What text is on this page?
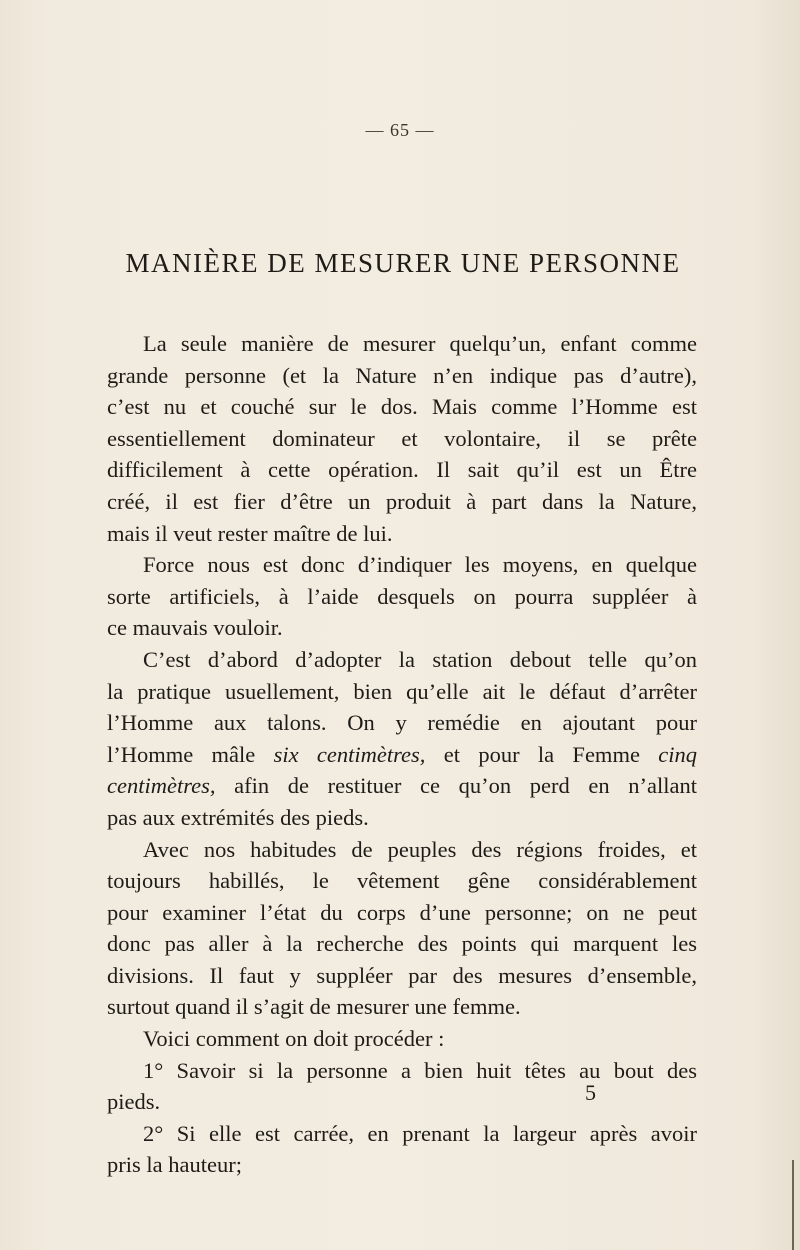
— 65 —
MANIÈRE DE MESURER UNE PERSONNE
La seule manière de mesurer quelqu’un, enfant comme
grande personne (et la Nature n’en indique pas d’autre),
c’est nu et couché sur le dos. Mais comme l’Homme est
essentiellement dominateur et volontaire, il se prête
difficilement à cette opération. Il sait qu’il est un Être
créé, il est fier d’être un produit à part dans la Nature,
mais il veut rester maître de lui.
Force nous est donc d’indiquer les moyens, en quelque
sorte artificiels, à l’aide desquels on pourra suppléer à
ce mauvais vouloir.
C’est d’abord d’adopter la station debout telle qu’on
la pratique usuellement, bien qu’elle ait le défaut d’arrêter
l’Homme aux talons. On y remédie en ajoutant pour
l’Homme mâle six centimètres, et pour la Femme cinq
centimètres, afin de restituer ce qu’on perd en n’allant
pas aux extrémités des pieds.
Avec nos habitudes de peuples des régions froides, et
toujours habillés, le vêtement gêne considérablement
pour examiner l’état du corps d’une personne; on ne peut
donc pas aller à la recherche des points qui marquent les
divisions. Il faut y suppléer par des mesures d’ensemble,
surtout quand il s’agit de mesurer une femme.
Voici comment on doit procéder :
1° Savoir si la personne a bien huit têtes au bout des
pieds.
2° Si elle est carrée, en prenant la largeur après avoir
pris la hauteur;
5
